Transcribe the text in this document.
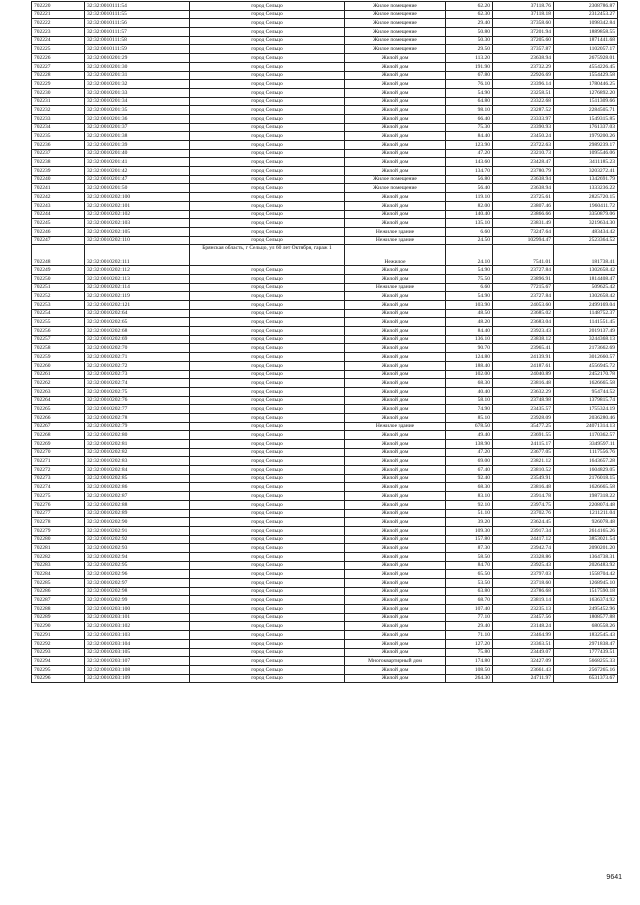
702220	32:32:0010111:54	город Сельцо	Жилое помещение	62.20	37118.76	2308786.87
702221	32:32:0010111:55	город Сельцо	Жилое помещение	62.30	37118.18	2312453.27
702222	32:32:0010111:56	город Сельцо	Жилое помещение	29.40	37358.60	1098342.84
702223	32:32:0010111:57	город Сельцо	Жилое помещение	50.80	37201.94	1889858.55
702224	32:32:0010111:58	город Сельцо	Жилое помещение	50.30	37205.60	1871441.68
702225	32:32:0010111:59	город Сельцо	Жилое помещение	29.50	37357.87	1102057.17
702226	32:32:0010201:29	город Сельцо	Жилой дом	113.20	23638.94	2675928.01
702227	32:32:0010201:30	город Сельцо	Жилой дом	191.90	23732.29	4554226.45
702228	32:32:0010201:31	город Сельцо	Жилой дом	67.80	22926.69	1554429.58
702229	32:32:0010201:32	город Сельцо	Жилой дом	76.10	23396.14	1780446.25
702230	32:32:0010201:33	город Сельцо	Жилой дом	54.90	23258.51	1276892.20
702231	32:32:0010201:34	город Сельцо	Жилой дом	64.80	23322.68	1511309.66
702232	32:32:0010201:35	город Сельцо	Жилой дом	98.10	23287.52	2284505.71
702233	32:32:0010201:36	город Сельцо	Жилой дом	66.40	23333.97	1549315.85
702234	32:32:0010201:37	город Сельцо	Жилой дом	75.30	23390.93	1761337.03
702235	32:32:0010201:38	город Сельцо	Жилой дом	84.40	23450.24	1979200.26
702236	32:32:0010201:39	город Сельцо	Жилой дом	123.90	23722.63	2989239.17
702237	32:32:0010201:40	город Сельцо	Жилой дом	47.20	23210.73	1095546.06
702238	32:32:0010201:41	город Сельцо	Жилой дом	143.60	23428.47	3411185.23
702239	32:32:0010201:42	город Сельцо	Жилой дом	134.70	23780.79	3203272.41
702240	32:32:0010201:47	город Сельцо	Жилое помещение	56.80	23638.94	1342691.79
702241	32:32:0010201:50	город Сельцо	Жилое помещение	56.40	23638.94	1333236.22
702242	32:32:0010202:100	город Сельцо	Жилой дом	119.10	23725.61	2825720.15
702243	32:32:0010202:101	город Сельцо	Жилой дом	82.00	23807.46	1960411.72
702244	32:32:0010202:102	город Сельцо	Жилой дом	140.40	23866.66	3350879.06
702245	32:32:0010202:103	город Сельцо	Жилой дом	135.10	23831.49	3219634.30
702246	32:32:0010202:105	город Сельцо	Нежилое здание	6.60	73247.64	483434.42
702247	32:32:0010202:110	город Сельцо	Нежилое здание	24.50	102994.47	2523364.52
702248	32:32:0010202:111	Брянская область, г Сельцо, ул 60 лет Октября, гараж 1	Нежилое	24.10	7541.01	181738.41
702249	32:32:0010202:112	город Сельцо	Жилой дом	54.90	23727.84	1302658.42
702250	32:32:0010202:113	город Сельцо	Жилой дом	75.50	23896.91	1814408.47
702251	32:32:0010202:114	город Сельцо	Нежилое здание	6.60	77215.67	509625.42
702252	32:32:0010202:119	город Сельцо	Жилой дом	54.90	23727.84	1302658.42
702253	32:32:0010202:121	город Сельцо	Жилой дом	103.90	24053.60	2499169.04
702254	32:32:0010202:64	город Сельцо	Жилой дом	48.50	23685.02	1148752.37
702255	32:32:0010202:65	город Сельцо	Жилой дом	48.20	23683.04	1141551.45
702256	32:32:0010202:68	город Сельцо	Жилой дом	84.40	23923.43	2019137.49
702257	32:32:0010202:69	город Сельцо	Жилой дом	136.10	23838.12	3244368.13
702258	32:32:0010202:70	город Сельцо	Жилой дом	90.70	23965.41	2173662.69
702259	32:32:0010202:71	город Сельцо	Жилой дом	124.80	24139.91	3012660.57
702260	32:32:0010202:72	город Сельцо	Жилой дом	188.40	24187.61	4556945.72
702261	32:32:0010202:73	город Сельцо	Жилой дом	102.00	24040.89	2452170.78
702262	32:32:0010202:74	город Сельцо	Жилой дом	68.30	23816.48	1626665.58
702263	32:32:0010202:75	город Сельцо	Жилой дом	40.40	23632.29	954744.52
702264	32:32:0010202:76	город Сельцо	Жилой дом	58.10	23748.98	1379815.74
702265	32:32:0010202:77	город Сельцо	Жилой дом	74.90	23435.57	1755324.19
702266	32:32:0010202:78	город Сельцо	Жилой дом	85.10	23928.09	2036280.46
702267	32:32:0010202:79	город Сельцо	Нежилое здание	678.50	35477.25	24071314.13
702268	32:32:0010202:80	город Сельцо	Жилой дом	49.40	23691.55	1170362.57
702269	32:32:0010202:81	город Сельцо	Жилой дом	138.90	24115.17	3349597.11
702270	32:32:0010202:82	город Сельцо	Жилой дом	47.20	23677.05	1117556.76
702271	32:32:0010202:83	город Сельцо	Жилой дом	69.00	23821.12	1643657.28
702272	32:32:0010202:84	город Сельцо	Жилой дом	67.40	23810.52	1604829.05
702273	32:32:0010202:85	город Сельцо	Жилой дом	92.40	23549.91	2176018.15
702274	32:32:0010202:86	город Сельцо	Жилой дом	68.30	23816.48	1626665.58
702275	32:32:0010202:87	город Сельцо	Жилой дом	83.10	23914.78	1987318.22
702276	32:32:0010202:88	город Сельцо	Жилой дом	92.10	23974.75	2208074.48
702277	32:32:0010202:89	город Сельцо	Жилой дом	51.10	23702.76	1211211.04
702278	32:32:0010202:90	город Сельцо	Жилой дом	39.20	23624.45	926078.48
702279	32:32:0010202:91	город Сельцо	Жилой дом	109.30	23917.34	2614165.26
702280	32:32:0010202:92	город Сельцо	Жилой дом	157.80	24417.12	3853021.54
702281	32:32:0010202:93	город Сельцо	Жилой дом	87.30	23942.74	2090201.20
702282	32:32:0010202:94	город Сельцо	Жилой дом	58.50	23328.86	1364738.31
702283	32:32:0010202:95	город Сельцо	Жилой дом	84.70	23925.43	2026483.92
702284	32:32:0010202:96	город Сельцо	Жилой дом	65.50	23797.03	1558704.42
702285	32:32:0010202:97	город Сельцо	Жилой дом	53.50	23718.60	1268945.10
702286	32:32:0010202:98	город Сельцо	Жилой дом	63.80	23786.68	1517590.18
702287	32:32:0010202:99	город Сельцо	Жилой дом	68.70	23819.14	1636374.92
702288	32:32:0010203:100	город Сельцо	Жилой дом	107.40	23235.13	2495452.96
702289	32:32:0010203:101	город Сельцо	Жилой дом	77.10	23457.56	1808577.88
702290	32:32:0010203:102	город Сельцо	Жилой дом	29.40	23148.24	680558.26
702291	32:32:0010203:103	город Сельцо	Жилой дом	71.10	23464.99	1832545.43
702292	32:32:0010203:104	город Сельцо	Жилой дом	127.20	23363.51	2971838.47
702293	32:32:0010203:105	город Сельцо	Жилой дом	75.80	23449.07	1777439.51
702294	32:32:0010203:107	город Сельцо	Многоквартирный дом	174.80	32427.09	5668255.33
702295	32:32:0010203:108	город Сельцо	Жилой дом	108.50	23661.43	2567265.16
702296	32:32:0010203:109	город Сельцо	Жилой дом	264.30	24711.97	6531373.67
9641
